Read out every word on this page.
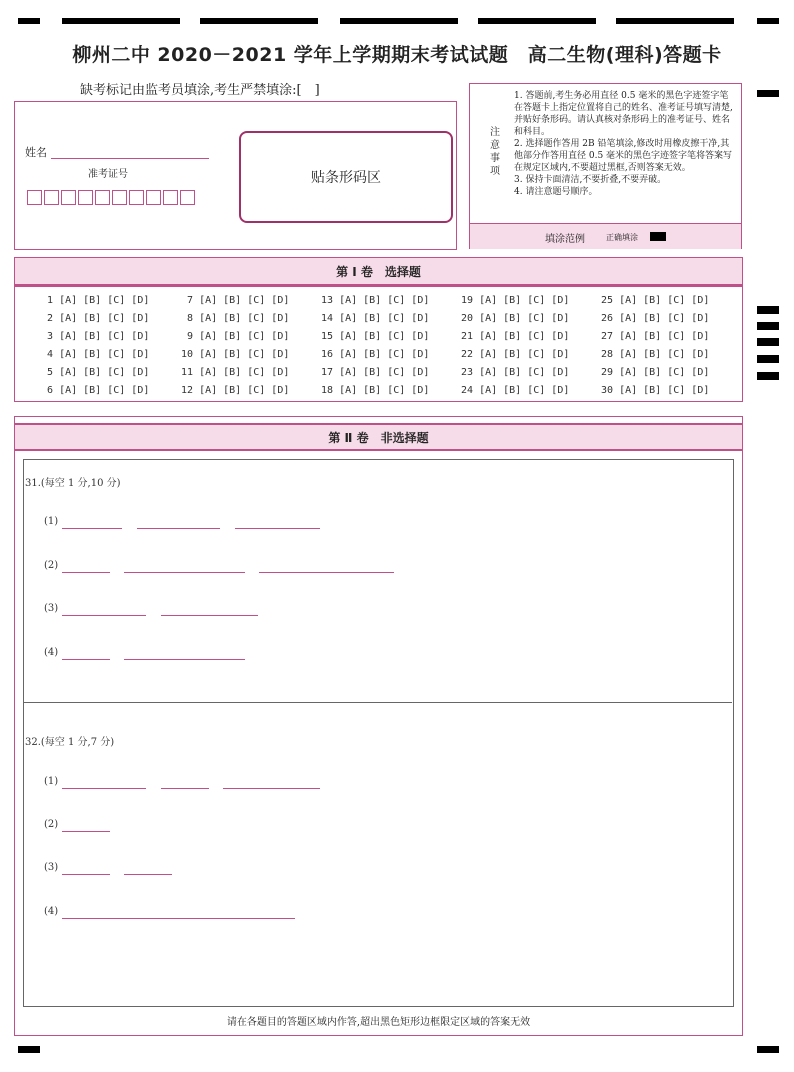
柳州二中 2020－2021 学年上学期期末考试试题　高二生物(理科)答题卡
缺考标记由监考员填涂,考生严禁填涂:[　]
姓名
准考证号	贴条形码区
注意事项
1. 答题前,考生务必用直径 0.5 毫米的黑色字迹签字笔在答题卡上指定位置将自己的姓名、准考证号填写清楚,并贴好条形码。请认真核对条形码上的准考证号、姓名和科目。
2. 选择题作答用 2B 铅笔填涂,修改时用橡皮擦干净,其他部分作答用直径 0.5 毫米的黑色字迹签字笔将答案写在规定区域内,不要超过黑框,否则答案无效。
3. 保持卡面清洁,不要折叠,不要弄破。
4. 请注意题号顺序。
填涂范例	正确填涂
第 Ⅰ 卷　选择题
1 [A] [B] [C] [D]
2 [A] [B] [C] [D]
3 [A] [B] [C] [D]
4 [A] [B] [C] [D]
5 [A] [B] [C] [D]
6 [A] [B] [C] [D]
7 [A] [B] [C] [D]
8 [A] [B] [C] [D]
9 [A] [B] [C] [D]
10 [A] [B] [C] [D]
11 [A] [B] [C] [D]
12 [A] [B] [C] [D]
13 [A] [B] [C] [D]
14 [A] [B] [C] [D]
15 [A] [B] [C] [D]
16 [A] [B] [C] [D]
17 [A] [B] [C] [D]
18 [A] [B] [C] [D]
19 [A] [B] [C] [D]
20 [A] [B] [C] [D]
21 [A] [B] [C] [D]
22 [A] [B] [C] [D]
23 [A] [B] [C] [D]
24 [A] [B] [C] [D]
25 [A] [B] [C] [D]
26 [A] [B] [C] [D]
27 [A] [B] [C] [D]
28 [A] [B] [C] [D]
29 [A] [B] [C] [D]
30 [A] [B] [C] [D]
第 Ⅱ 卷　非选择题
请在各题目的答题区域内作答,超出黑色矩形边框限定区域的答案无效
31.(每空 1 分,10 分)
(1)
(2)
(3)
(4)
32.(每空 1 分,7 分)
(1)
(2)
(3)
(4)
